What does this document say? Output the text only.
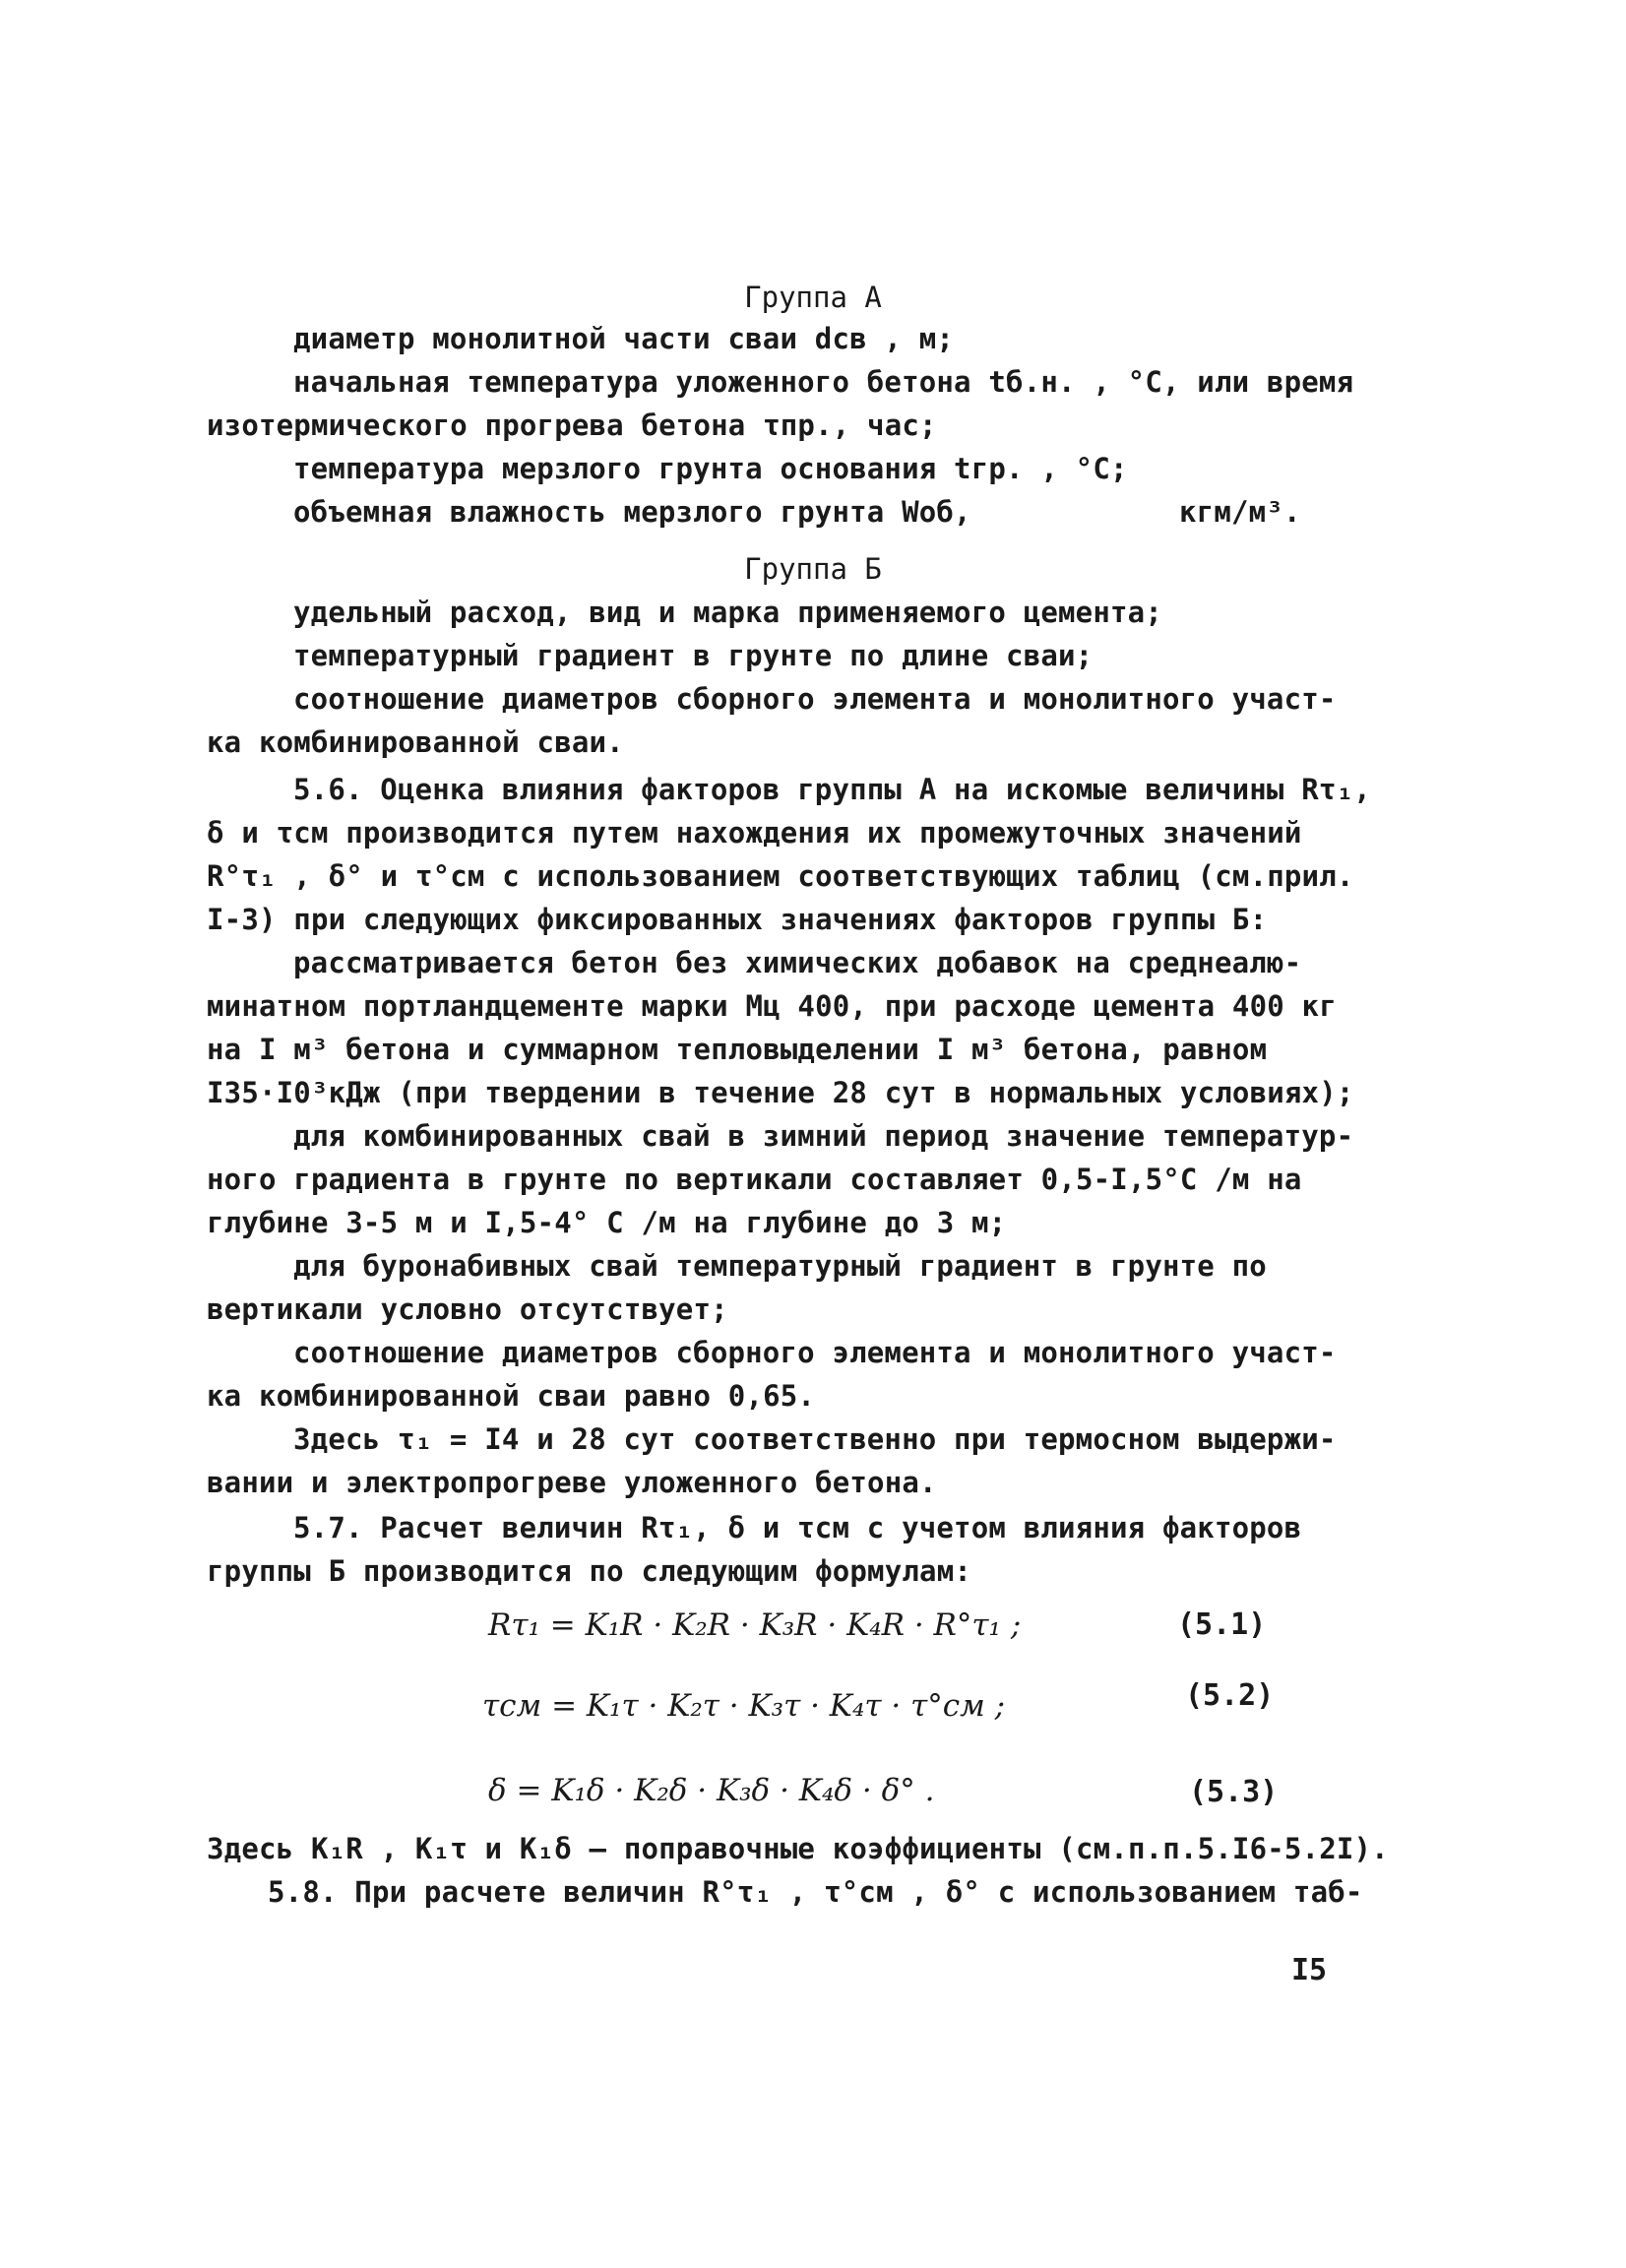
Группа А
диаметр монолитной части сваи dсв , м;
начальная температура уложенного бетона tб.н. , °С, или время
изотермического прогрева бетона τпр., час;
температура мерзлого грунта основания tгр. , °С;
объемная влажность мерзлого грунта Wоб,	кгм/м³.
Группа Б
удельный расход, вид и марка применяемого цемента;
температурный градиент в грунте по длине сваи;
соотношение диаметров сборного элемента и монолитного участ-
ка комбинированной сваи.
5.6. Оценка влияния факторов группы А на искомые величины Rτ₁,
δ и τсм производится путем нахождения их промежуточных значений
R°τ₁ , δ° и τ°см с использованием соответствующих таблиц (см.прил.
I-3) при следующих фиксированных значениях факторов группы Б:
рассматривается бетон без химических добавок на среднеалю-
минатном портландцементе марки Мц 400, при расходе цемента 400 кг
на I м³ бетона и суммарном тепловыделении I м³ бетона, равном
I35·I0³кДж (при твердении в течение 28 сут в нормальных условиях);
для комбинированных свай в зимний период значение температур-
ного градиента в грунте по вертикали составляет 0,5-I,5°С /м на
глубине 3-5 м и I,5-4° С /м на глубине до 3 м;
для буронабивных свай температурный градиент в грунте по
вертикали условно отсутствует;
соотношение диаметров сборного элемента и монолитного участ-
ка комбинированной сваи равно 0,65.
Здесь τ₁ = I4 и 28 сут соответственно при термосном выдержи-
вании и электропрогреве уложенного бетона.
5.7. Расчет величин Rτ₁, δ и τсм с учетом влияния факторов
группы Б производится по следующим формулам:
Rτ₁ = K₁R · K₂R · K₃R · K₄R · R°τ₁ ;	(5.1)
τсм = K₁τ · K₂τ · K₃τ · K₄τ · τ°см ;	(5.2)
δ = K₁δ · K₂δ · K₃δ · K₄δ · δ° .	(5.3)
Здесь K₁R , K₁τ и K₁δ – поправочные коэффициенты (см.п.п.5.I6-5.2I).
5.8. При расчете величин R°τ₁ , τ°см , δ° с использованием таб-
I5
